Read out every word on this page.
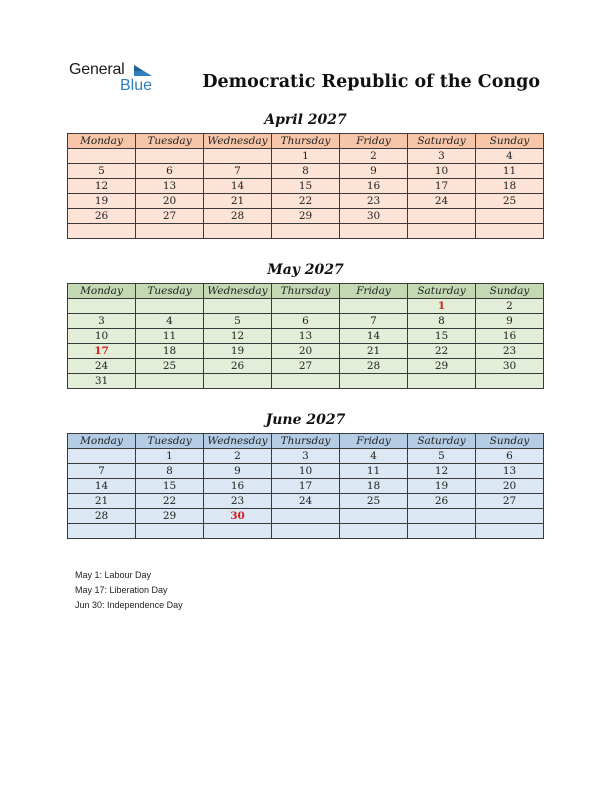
General
Blue	Democratic Republic of the Congo
April 2027
Monday	Tuesday	Wednesday	Thursday	Friday	Saturday	Sunday
			1	2	3	4
5	6	7	8	9	10	11
12	13	14	15	16	17	18
19	20	21	22	23	24	25
26	27	28	29	30		

May 2027
Monday	Tuesday	Wednesday	Thursday	Friday	Saturday	Sunday
					1	2
3	4	5	6	7	8	9
10	11	12	13	14	15	16
17	18	19	20	21	22	23
24	25	26	27	28	29	30
31						
June 2027
Monday	Tuesday	Wednesday	Thursday	Friday	Saturday	Sunday
	1	2	3	4	5	6
7	8	9	10	11	12	13
14	15	16	17	18	19	20
21	22	23	24	25	26	27
28	29	30				

May 1: Labour Day
May 17: Liberation Day
Jun 30: Independence Day
